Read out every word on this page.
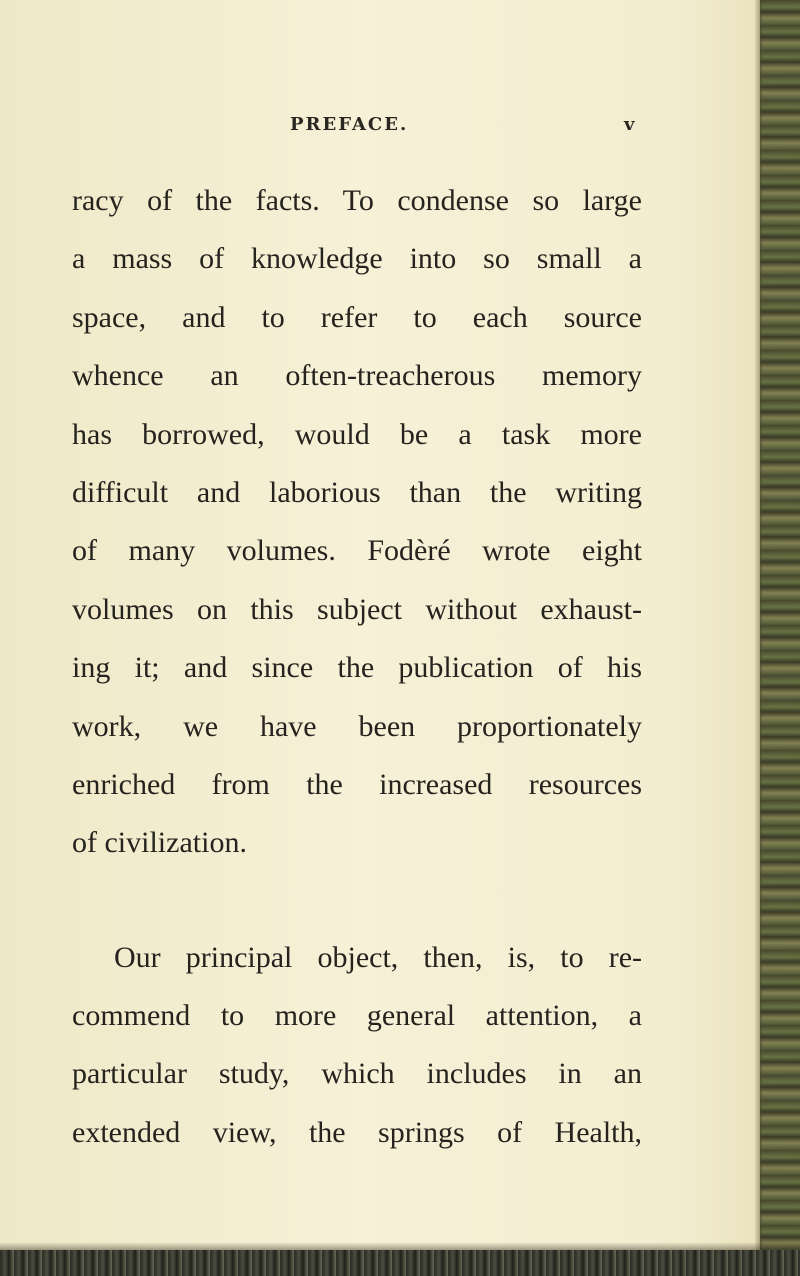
PREFACE.	v
racy of the facts. To condense so large
a mass of knowledge into so small a
space, and to refer to each source
whence an often-treacherous memory
has borrowed, would be a task more
difficult and laborious than the writing
of many volumes. Fodèré wrote eight
volumes on this subject without exhaust-
ing it; and since the publication of his
work, we have been proportionately
enriched from the increased resources
of civilization.
Our principal object, then, is, to re-
commend to more general attention, a
particular study, which includes in an
extended view, the springs of Health,
